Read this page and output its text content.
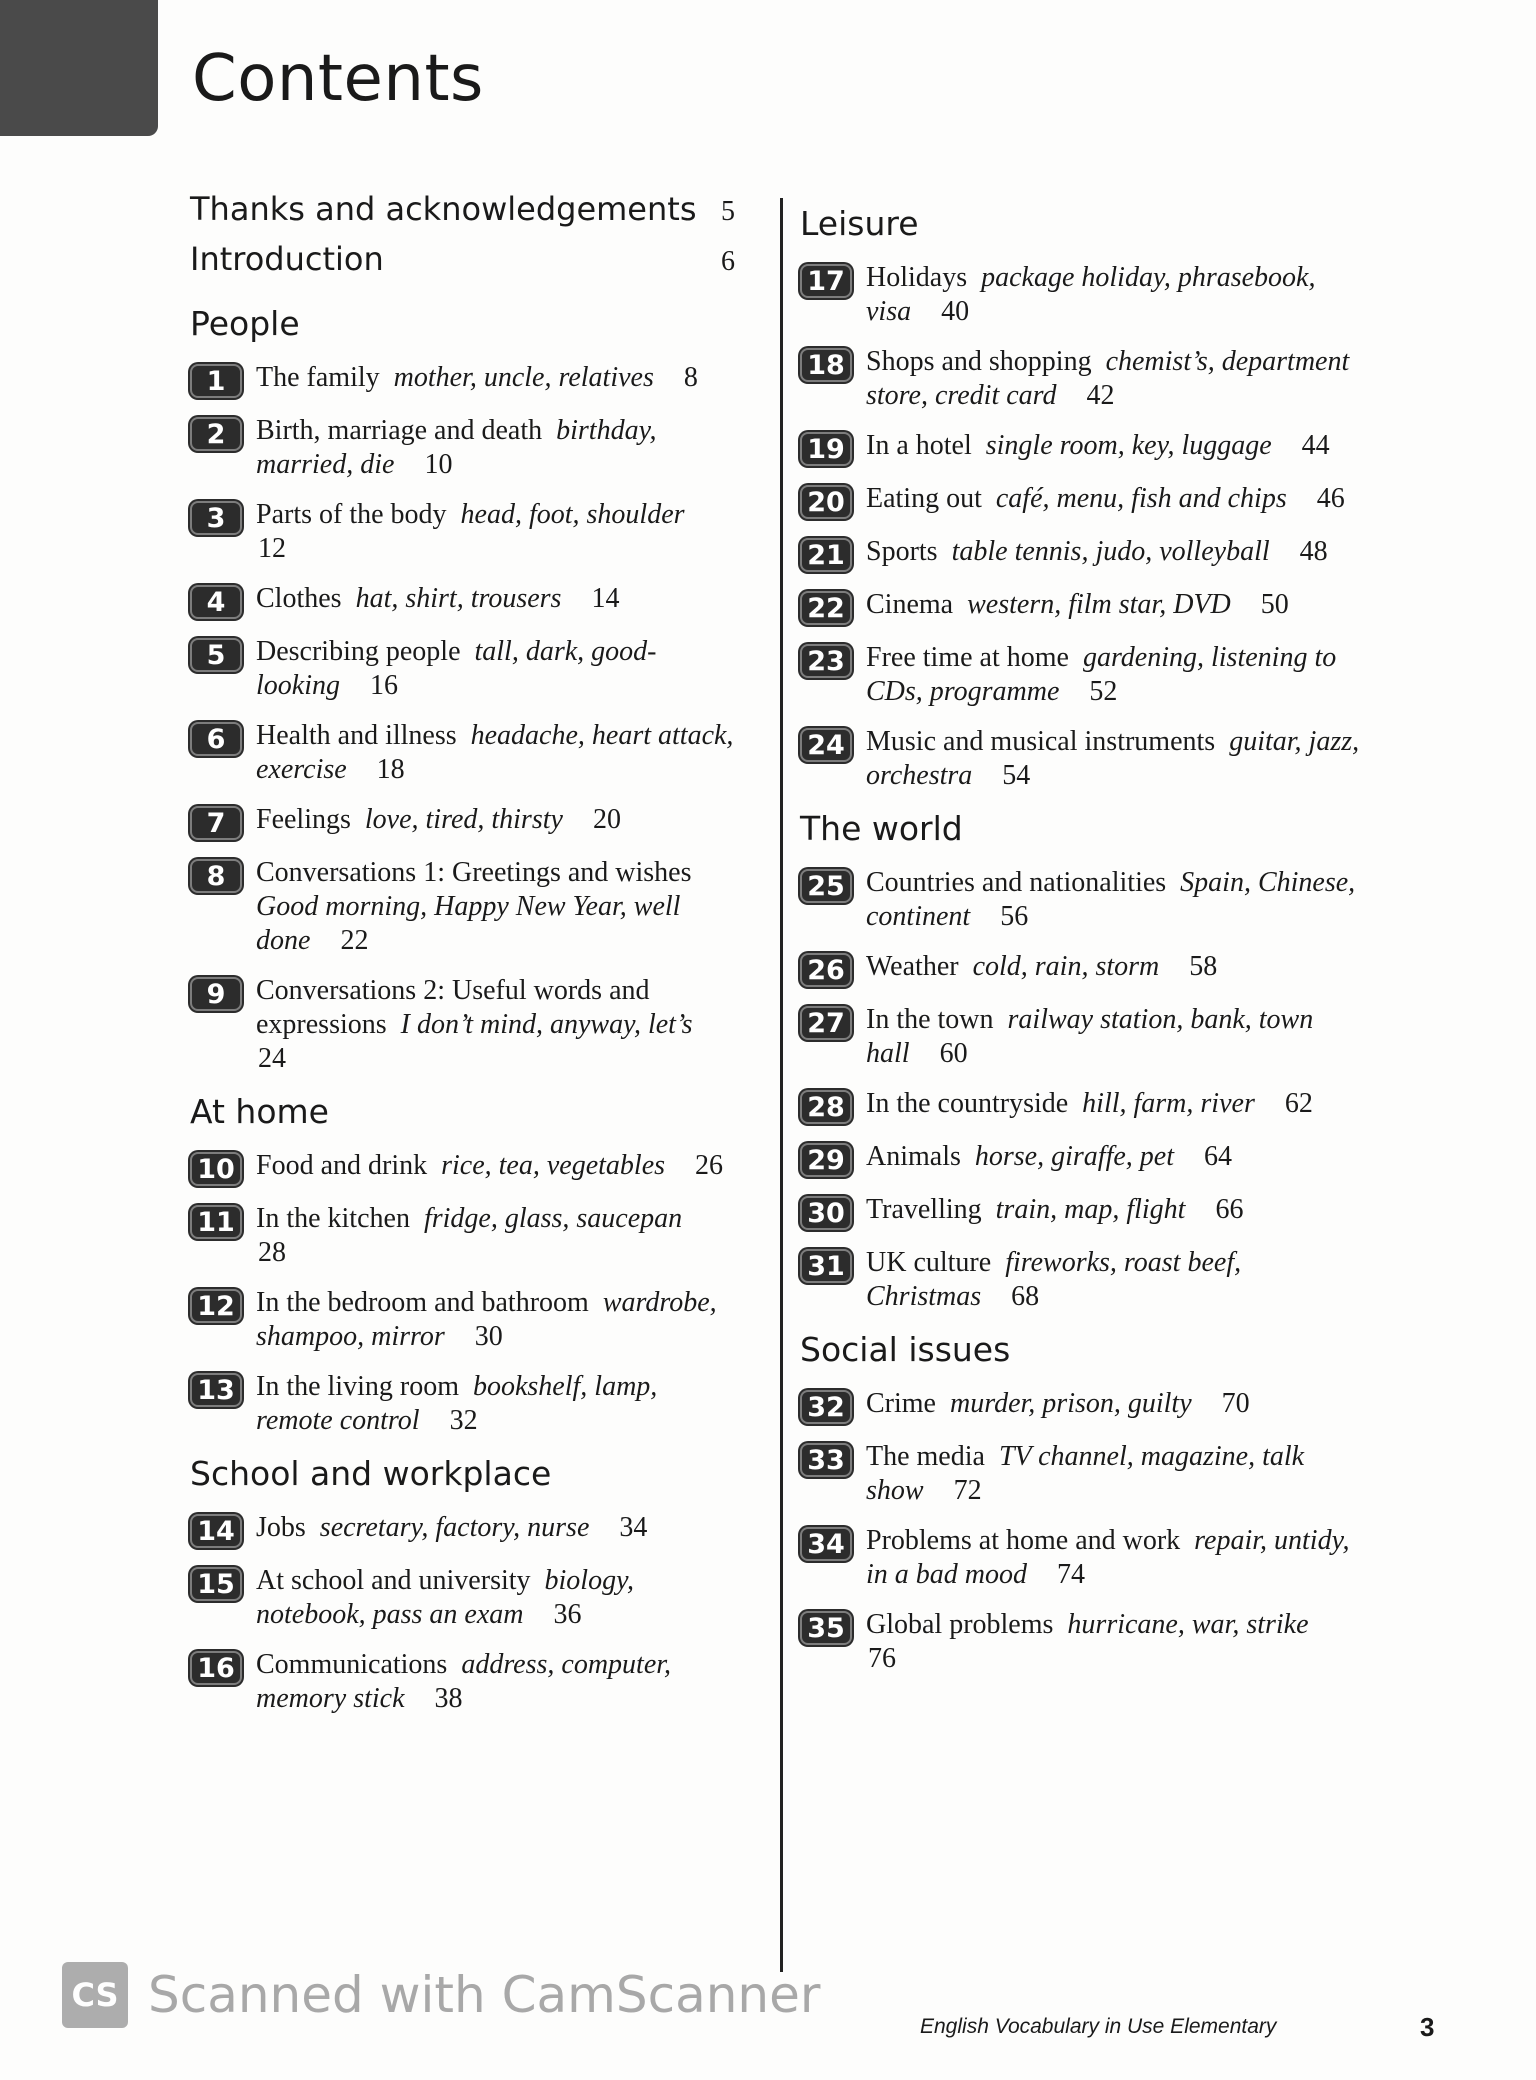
Contents
Thanks and acknowledgements 5
Introduction	6
People
1	The family  mother, uncle, relatives   8
2	Birth, marriage and death  birthday, married, die   10
3	Parts of the body  head, foot, shoulder  12
4	Clothes  hat, shirt, trousers   14
5	Describing people  tall, dark, good-looking   16
6	Health and illness  headache, heart attack, exercise   18
7	Feelings  love, tired, thirsty   20
8	Conversations 1: Greetings and wishes Good morning, Happy New Year, well done   22
9	Conversations 2: Useful words and expressions  I don’t mind, anyway, let’s  24
At home
10 Food and drink  rice, tea, vegetables   26
11 In the kitchen  fridge, glass, saucepan  28
12 In the bedroom and bathroom  wardrobe, shampoo, mirror   30
13 In the living room  bookshelf, lamp, remote control   32
School and workplace
14 Jobs  secretary, factory, nurse   34
15 At school and university  biology, notebook, pass an exam   36
16 Communications  address, computer, memory stick   38
Leisure
17 Holidays  package holiday, phrasebook, visa   40
18 Shops and shopping  chemist’s, department store, credit card   42
19 In a hotel  single room, key, luggage   44
20 Eating out  café, menu, fish and chips   46
21 Sports  table tennis, judo, volleyball   48
22 Cinema  western, film star, DVD   50
23 Free time at home  gardening, listening to CDs, programme   52
24 Music and musical instruments  guitar, jazz, orchestra   54
The world
25 Countries and nationalities  Spain, Chinese, continent   56
26 Weather  cold, rain, storm   58
27 In the town  railway station, bank, town hall   60
28 In the countryside  hill, farm, river   62
29 Animals  horse, giraffe, pet   64
30 Travelling  train, map, flight   66
31 UK culture  fireworks, roast beef, Christmas   68
Social issues
32 Crime  murder, prison, guilty   70
33 The media  TV channel, magazine, talk show   72
34 Problems at home and work  repair, untidy, in a bad mood   74
35 Global problems  hurricane, war, strike  76
CS Scanned with CamScanner
English Vocabulary in Use Elementary	3
